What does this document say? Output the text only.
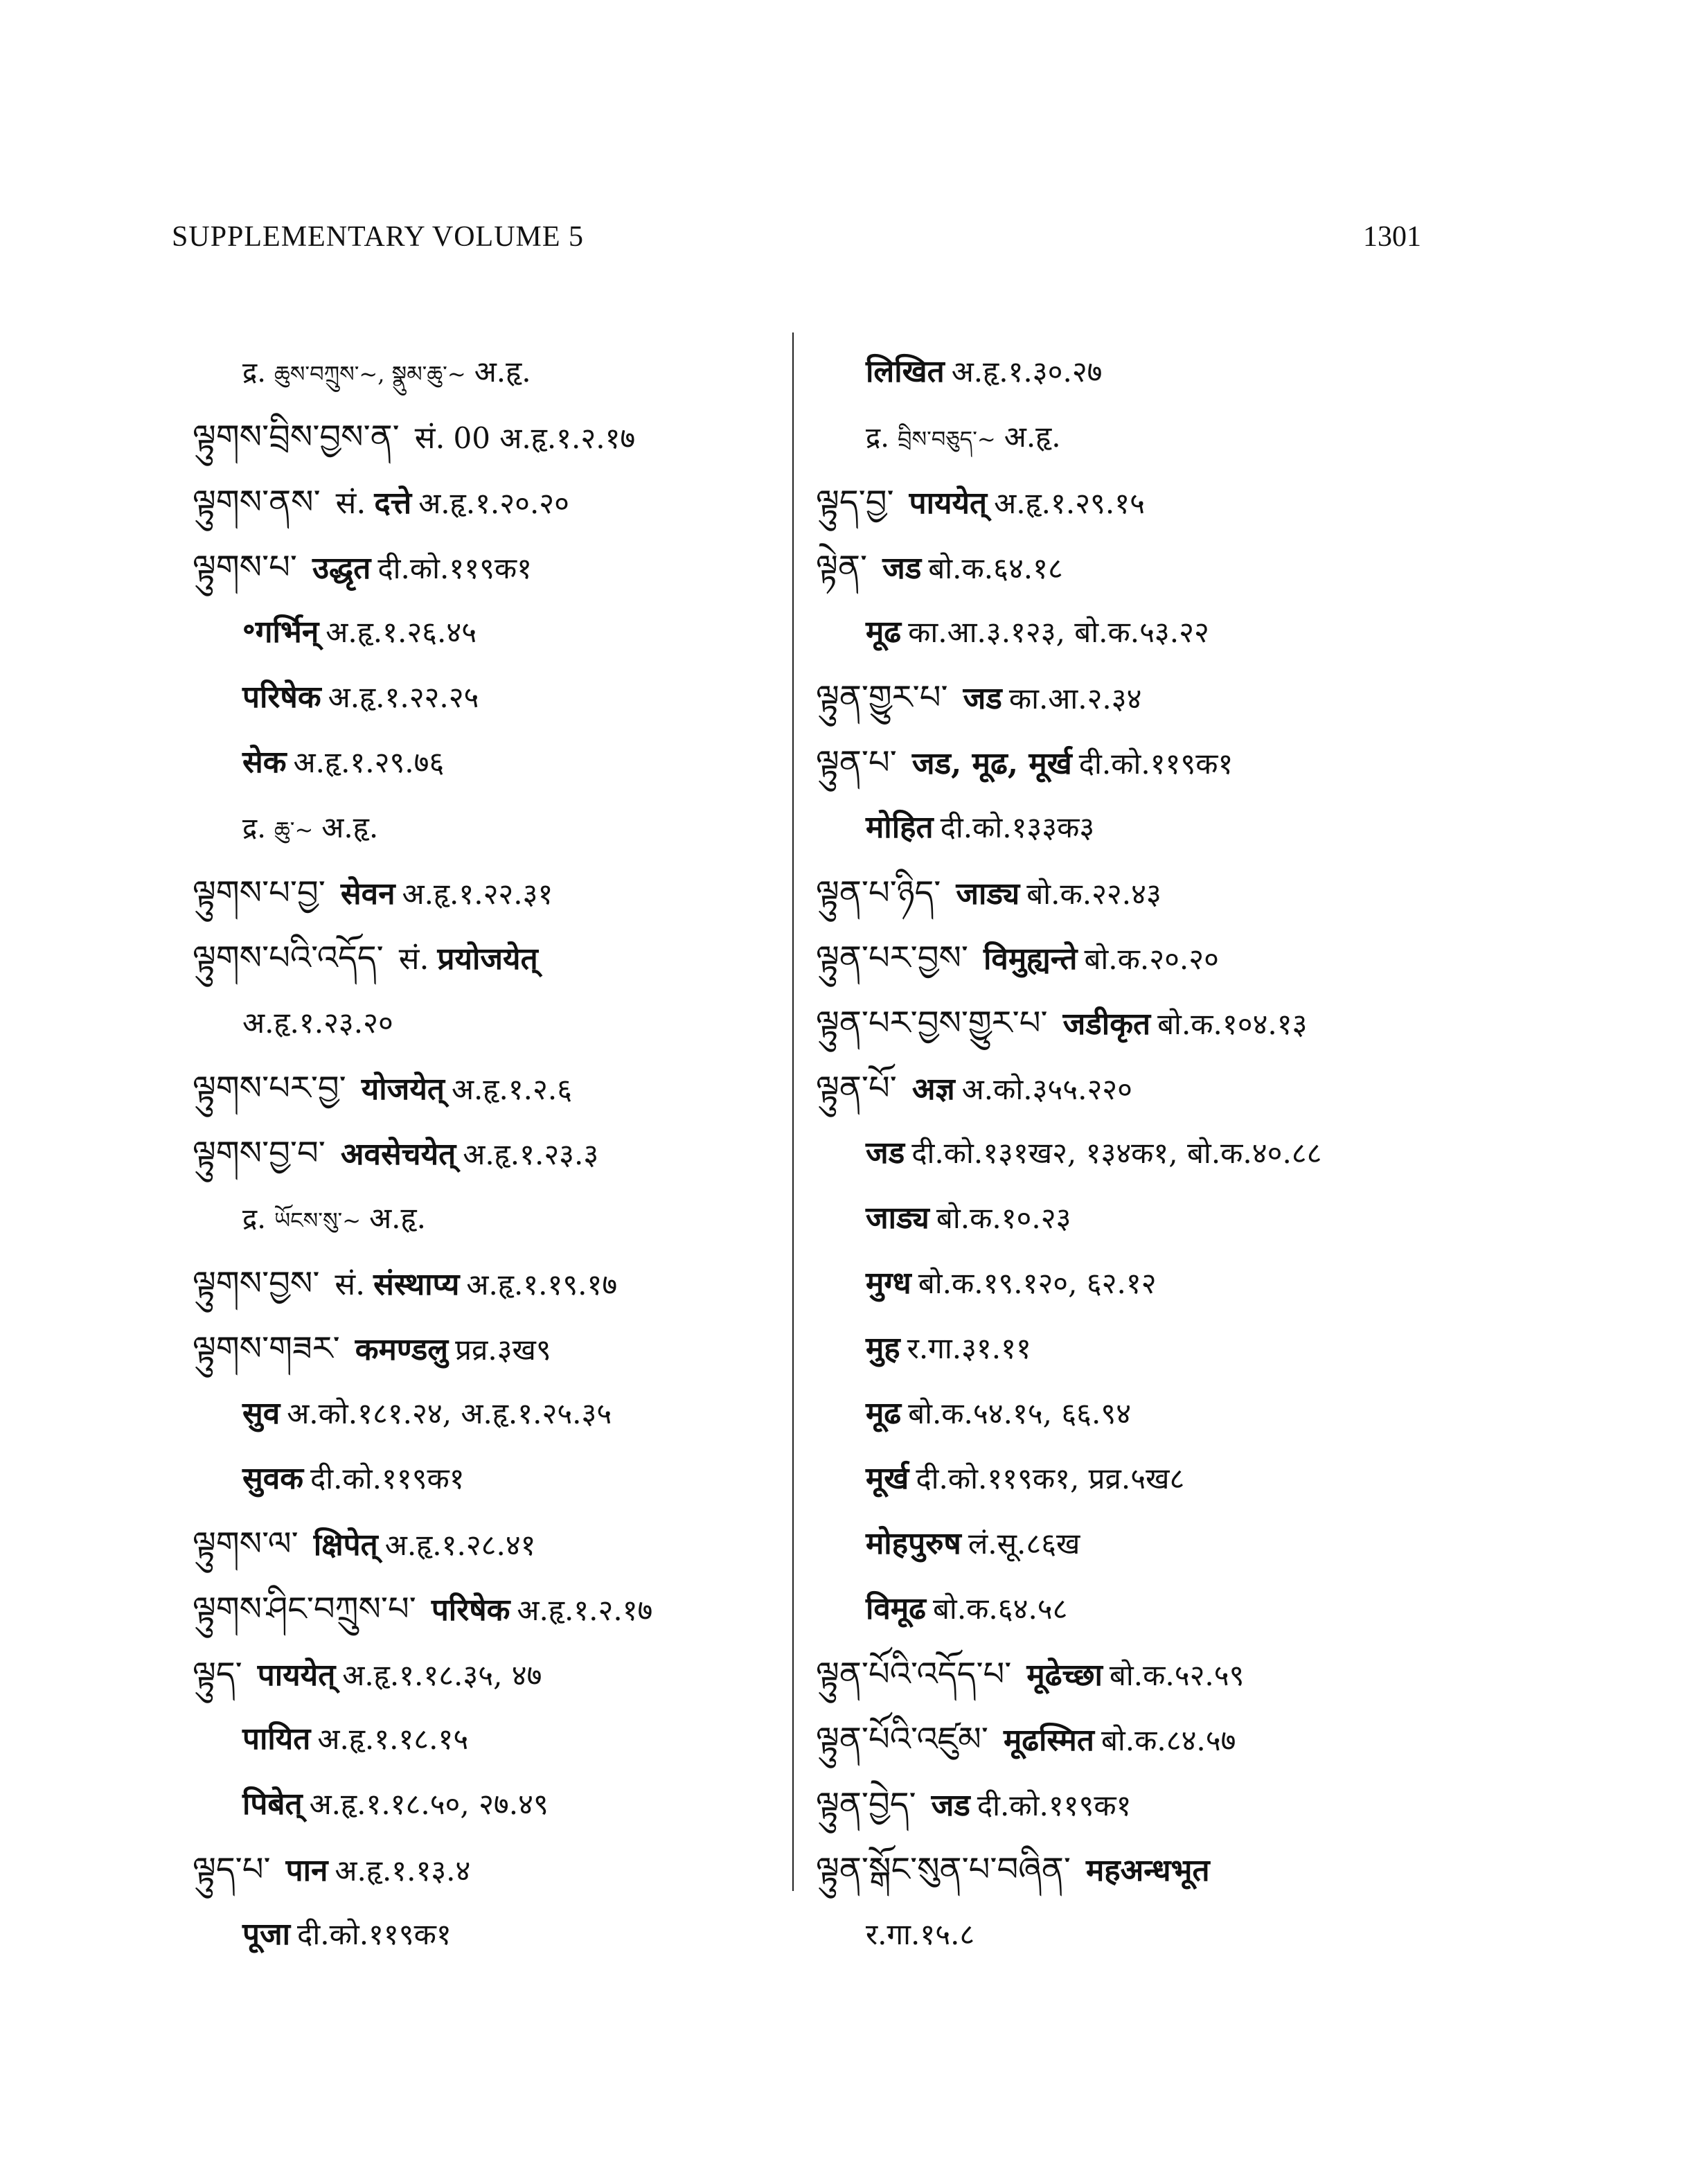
SUPPLEMENTARY VOLUME 5	1301
द्र. ཆུས་བཀྲུས་~, སྣུམ་ཆུ་~ अ.हृ.
ལྟུགས་བྲིས་བྱས་ན་ सं. 00 अ.हृ.१.२.१७
ལྟུགས་ནས་ सं. दत्ते अ.हृ.१.२०.२०
ལྟུགས་པ་ उद्धृत दी.को.११९क१
॰गर्भिन् अ.हृ.१.२६.४५
परिषेक अ.हृ.१.२२.२५
सेक अ.हृ.१.२९.७६
द्र. ཆུ་~ अ.हृ.
ལྟུགས་པ་བྱ་ सेवन अ.हृ.१.२२.३१
ལྟུགས་པའི་འདོད་ सं. प्रयोजयेत्
अ.हृ.१.२३.२०
ལྟུགས་པར་བྱ་ योजयेत् अ.हृ.१.२.६
ལྟུགས་བྱ་བ་ अवसेचयेत् अ.हृ.१.२३.३
द्र. ཡོངས་སུ་~ अ.हृ.
ལྟུགས་བྱས་ सं. संस्थाप्य अ.हृ.१.१९.१७
ལྟུགས་གཟར་ कमण्डलु प्रव्र.३ख९
सुव अ.को.१८१.२४, अ.हृ.१.२५.३५
सुवक दी.को.११९क१
ལྟུགས་ལ་ क्षिपेत् अ.हृ.१.२८.४१
ལྟུགས་ཤིང་བཀྲུས་པ་ परिषेक अ.हृ.१.२.१७
ལྟུད་ पाययेत् अ.हृ.१.१८.३५, ४७
पायित अ.हृ.१.१८.१५
पिबेत् अ.हृ.१.१८.५०, २७.४९
ལྟུད་པ་ पान अ.हृ.१.१३.४
पूजा दी.को.११९क१
लिखित अ.हृ.१.३०.२७
द्र. བྲིས་བཅུད་~ अ.हृ.
ལྟུད་བྱ་ पाययेत् अ.हृ.१.२९.१५
ལྟེན་ जड बो.क.६४.१८
मूढ का.आ.३.१२३, बो.क.५३.२२
ལྟུན་གྱུར་པ་ जड का.आ.२.३४
ལྟུན་པ་ जड, मूढ, मूर्ख दी.को.११९क१
मोहित दी.को.१३३क३
ལྟུན་པ་ཉིད་ जाड्य बो.क.२२.४३
ལྟུན་པར་བྱས་ विमुह्यन्ते बो.क.२०.२०
ལྟུན་པར་བྱས་གྱུར་པ་ जडीकृत बो.क.१०४.१३
ལྟུན་པོ་ अज्ञ अ.को.३५५.२२०
जड दी.को.१३१ख२, १३४क१, बो.क.४०.८८
जाड्य बो.क.१०.२३
मुग्ध बो.क.१९.१२०, ६२.१२
मुह र.गा.३१.११
मूढ बो.क.५४.१५, ६६.९४
मूर्ख दी.को.११९क१, प्रव्र.५ख८
मोहपुरुष लं.सू.८६ख
विमूढ बो.क.६४.५८
ལྟུན་པོའི་འདོད་པ་ मूढेच्छा बो.क.५२.५९
ལྟུན་པོའི་འཛུམ་ मूढस्मित बो.क.८४.५७
ལྟུན་བྱེད་ जड दी.को.११९क१
ལྟུན་སྒོང་སུན་པ་བཞིན་ महअन्धभूत
र.गा.१५.८
